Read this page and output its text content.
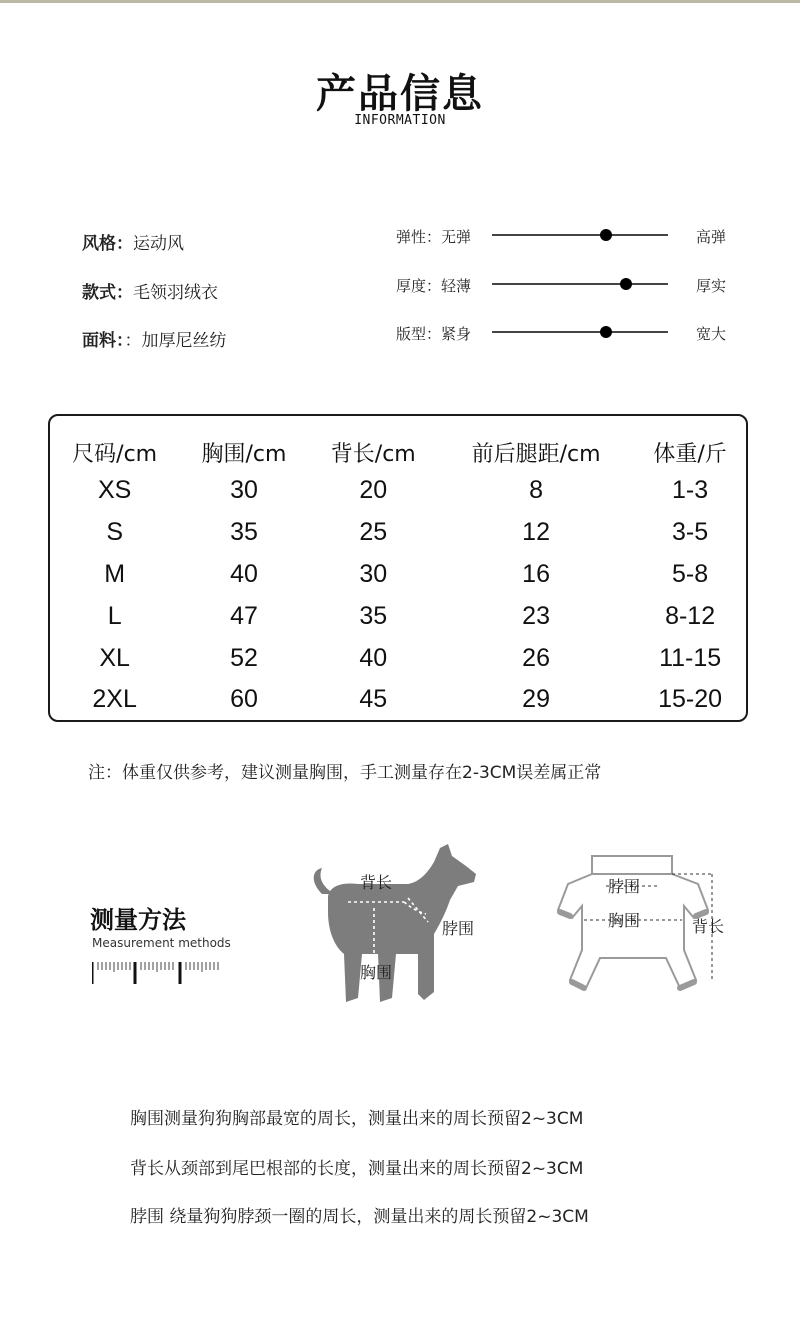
产品信息
INFORMATION
风格：运动风
款式：毛领羽绒衣
面料：：加厚尼丝纺
弹性：无弹	高弹
厚度：轻薄	厚实
版型：紧身	宽大
尺码/cm	胸围/cm	背长/cm	前后腿距/cm	体重/斤
XS	30	20	8	1-3
S	35	25	12	3-5
M	40	30	16	5-8
L	47	35	23	8-12
XL	52	40	26	11-15
2XL	60	45	29	15-20
注：体重仅供参考，建议测量胸围，手工测量存在2-3CM误差属正常
测量方法
Measurement methods
背长
脖围
胸围
脖围
胸围	背长
胸围测量狗狗胸部最宽的周长，测量出来的周长预留2~3CM
背长从颈部到尾巴根部的长度，测量出来的周长预留2~3CM
脖围 绕量狗狗脖颈一圈的周长，测量出来的周长预留2~3CM
